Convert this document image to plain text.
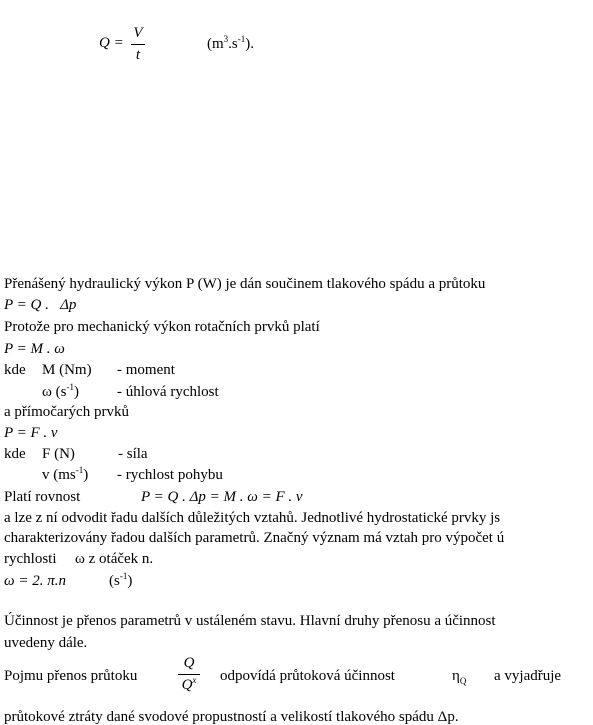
Q =
V
t
$(m^3.s^{-1})$.
Přenášený hydraulický výkon P (W) je dán součinem tlakového spádu a průtoku
P = Q . Δp
Protože pro mechanický výkon rotačních prvků platí
P = M . ω
kde M (Nm) - moment
ω $(s^{-1})$	- úhlová rychlost
a přímočarých prvků
P = F . v
kde F (N)	- síla
v $(ms^{-1})$ - rychlost pohybu
Platí rovnost	P = Q . Δp = M . ω = F . v
a lze z ní odvodit řadu dalších důležitých vztahů. Jednotlivé hydrostatické prvky js
charakterizovány řadou dalších parametrů. Značný význam má vztah pro výpočet ú
rychlosti ω z otáček n.
ω = 2. π.n	$(s^{-1})$
Účinnost je přenos parametrů v ustáleném stavu. Hlavní druhy přenosu a účinnost
uvedeny dále.
Pojmu přenos průtoku
Q
$Q^x$ odpovídá průtoková účinnost	$\eta_Q$ a vyjadřuje
průtokové ztráty dané svodové propustností a velikostí tlakového spádu Δp.
